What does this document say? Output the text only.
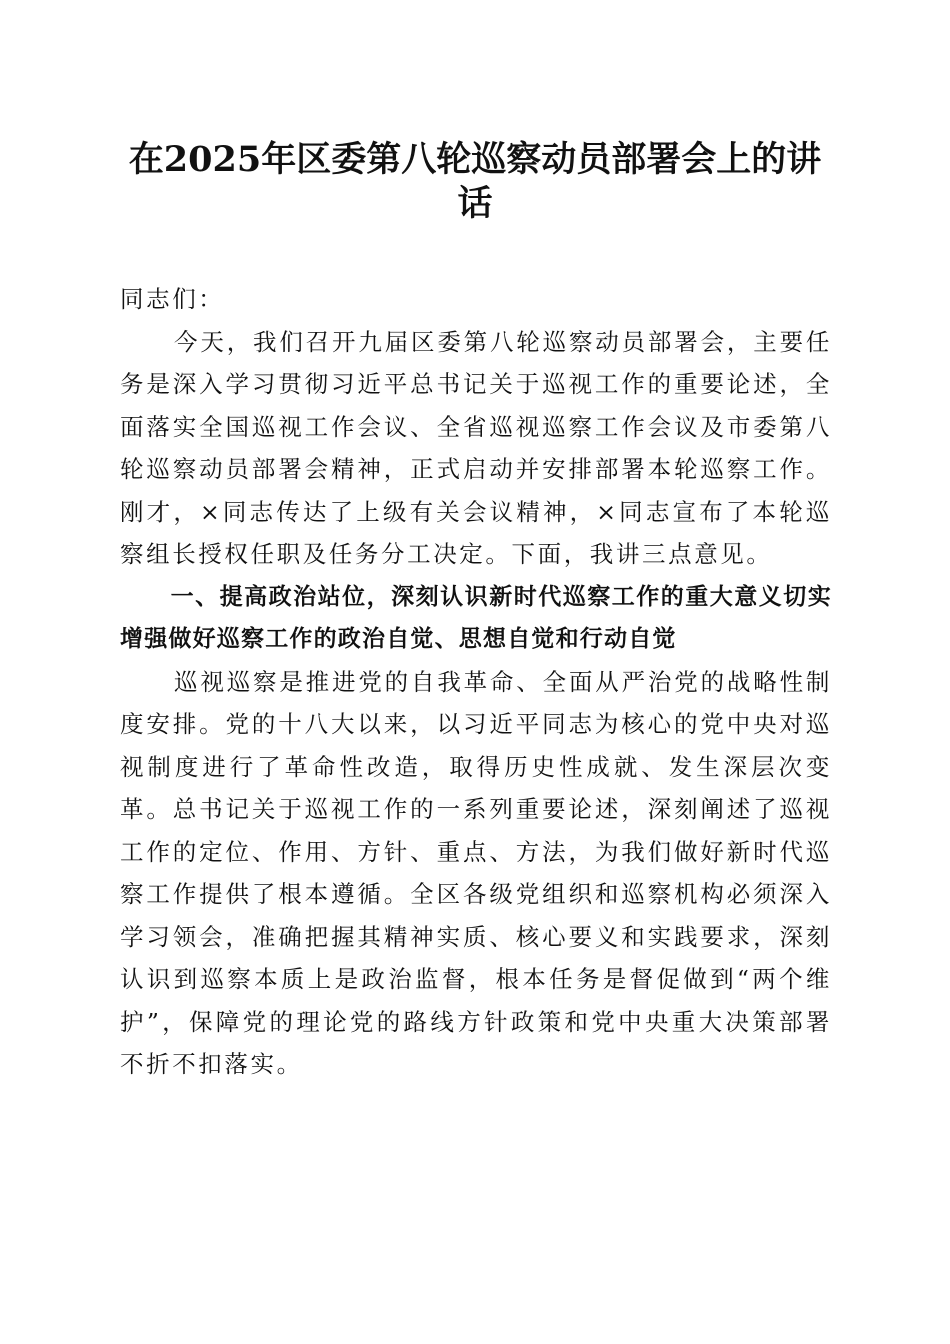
在2025年区委第八轮巡察动员部署会上的讲话

同志们：

今天，我们召开九届区委第八轮巡察动员部署会，主要任务是深入学习贯彻习近平总书记关于巡视工作的重要论述，全面落实全国巡视工作会议、全省巡视巡察工作会议及市委第八轮巡察动员部署会精神，正式启动并安排部署本轮巡察工作。刚才，×同志传达了上级有关会议精神，×同志宣布了本轮巡察组长授权任职及任务分工决定。下面，我讲三点意见。

一、提高政治站位，深刻认识新时代巡察工作的重大意义切实增强做好巡察工作的政治自觉、思想自觉和行动自觉

巡视巡察是推进党的自我革命、全面从严治党的战略性制度安排。党的十八大以来，以习近平同志为核心的党中央对巡视制度进行了革命性改造，取得历史性成就、发生深层次变革。总书记关于巡视工作的一系列重要论述，深刻阐述了巡视工作的定位、作用、方针、重点、方法，为我们做好新时代巡察工作提供了根本遵循。全区各级党组织和巡察机构必须深入学习领会，准确把握其精神实质、核心要义和实践要求，深刻认识到巡察本质上是政治监督，根本任务是督促做到“两个维护”，保障党的理论党的路线方针政策和党中央重大决策部署不折不扣落实。
